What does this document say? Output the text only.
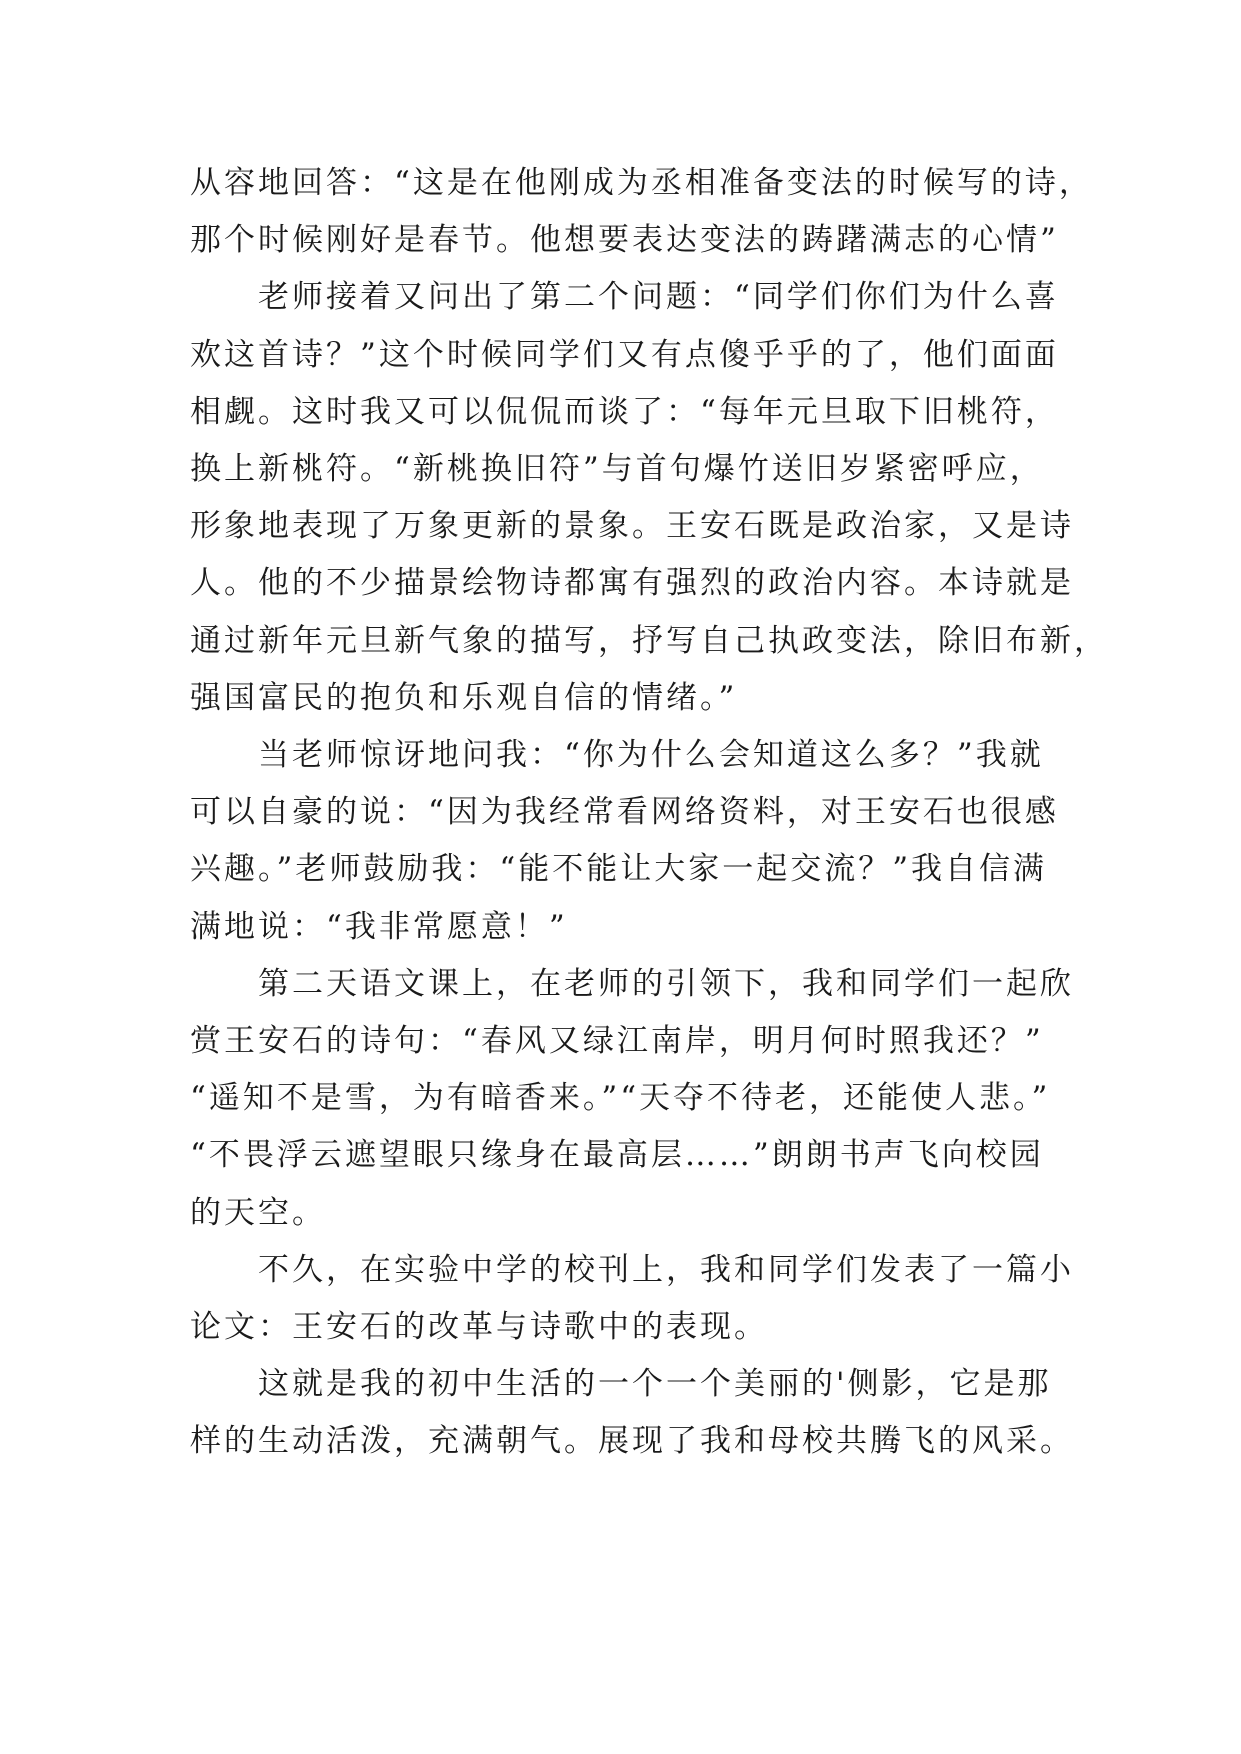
从容地回答：“这是在他刚成为丞相准备变法的时候写的诗，

那个时候刚好是春节。他想要表达变法的踌躇满志的心情”

老师接着又问出了第二个问题：“同学们你们为什么喜

欢这首诗？”这个时候同学们又有点傻乎乎的了，他们面面

相觑。这时我又可以侃侃而谈了：“每年元旦取下旧桃符，

换上新桃符。“新桃换旧符”与首句爆竹送旧岁紧密呼应，

形象地表现了万象更新的景象。王安石既是政治家，又是诗

人。他的不少描景绘物诗都寓有强烈的政治内容。本诗就是

通过新年元旦新气象的描写，抒写自己执政变法，除旧布新，

强国富民的抱负和乐观自信的情绪。”

当老师惊讶地问我：“你为什么会知道这么多？”我就

可以自豪的说：“因为我经常看网络资料，对王安石也很感

兴趣。”老师鼓励我：“能不能让大家一起交流？”我自信满

满地说：“我非常愿意！”

第二天语文课上，在老师的引领下，我和同学们一起欣

赏王安石的诗句：“春风又绿江南岸，明月何时照我还？”

“遥知不是雪，为有暗香来。”“天夺不待老，还能使人悲。”

“不畏浮云遮望眼只缘身在最高层……”朗朗书声飞向校园

的天空。

不久，在实验中学的校刊上，我和同学们发表了一篇小

论文：王安石的改革与诗歌中的表现。

这就是我的初中生活的一个一个美丽的'侧影，它是那

样的生动活泼，充满朝气。展现了我和母校共腾飞的风采。
